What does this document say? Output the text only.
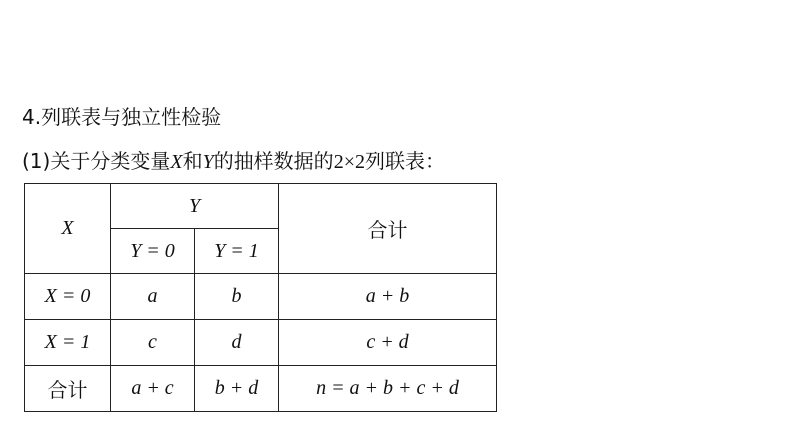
4.列联表与独立性检验
(1)关于分类变量X和Y的抽样数据的2×2列联表：
X	Y		合计
	Y = 0	Y = 1	
X = 0	a	b	a + b
X = 1	c	d	c + d
合计	a + c	b + d	n = a + b + c + d
